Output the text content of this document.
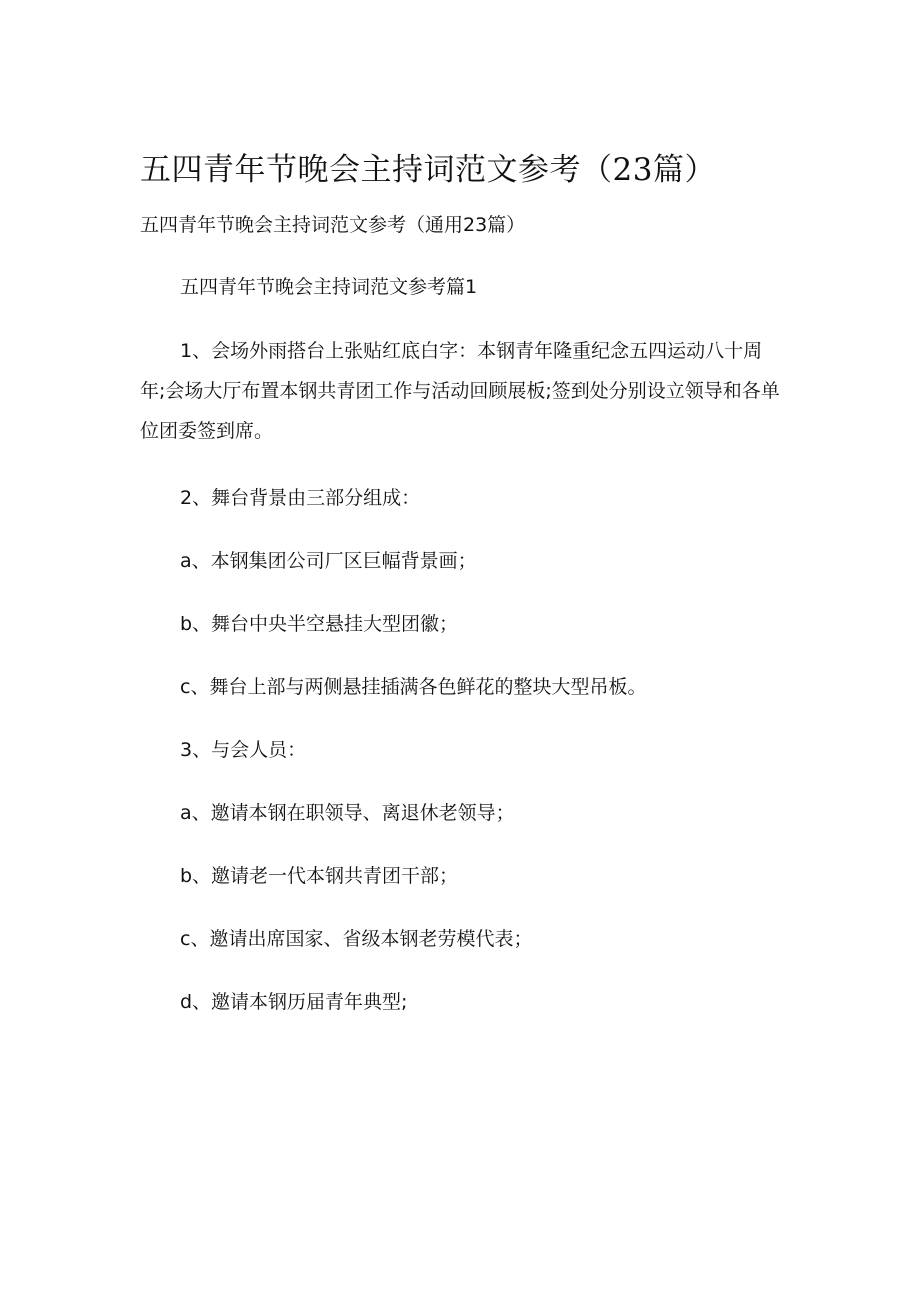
五四青年节晚会主持词范文参考（23篇）
五四青年节晚会主持词范文参考（通用23篇）

五四青年节晚会主持词范文参考篇1

1、会场外雨搭台上张贴红底白字：本钢青年隆重纪念五四运动八十周年;会场大厅布置本钢共青团工作与活动回顾展板;签到处分别设立领导和各单位团委签到席。

2、舞台背景由三部分组成：

a、本钢集团公司厂区巨幅背景画；

b、舞台中央半空悬挂大型团徽；

c、舞台上部与两侧悬挂插满各色鲜花的整块大型吊板。

3、与会人员：

a、邀请本钢在职领导、离退休老领导；

b、邀请老一代本钢共青团干部；

c、邀请出席国家、省级本钢老劳模代表；

d、邀请本钢历届青年典型;
